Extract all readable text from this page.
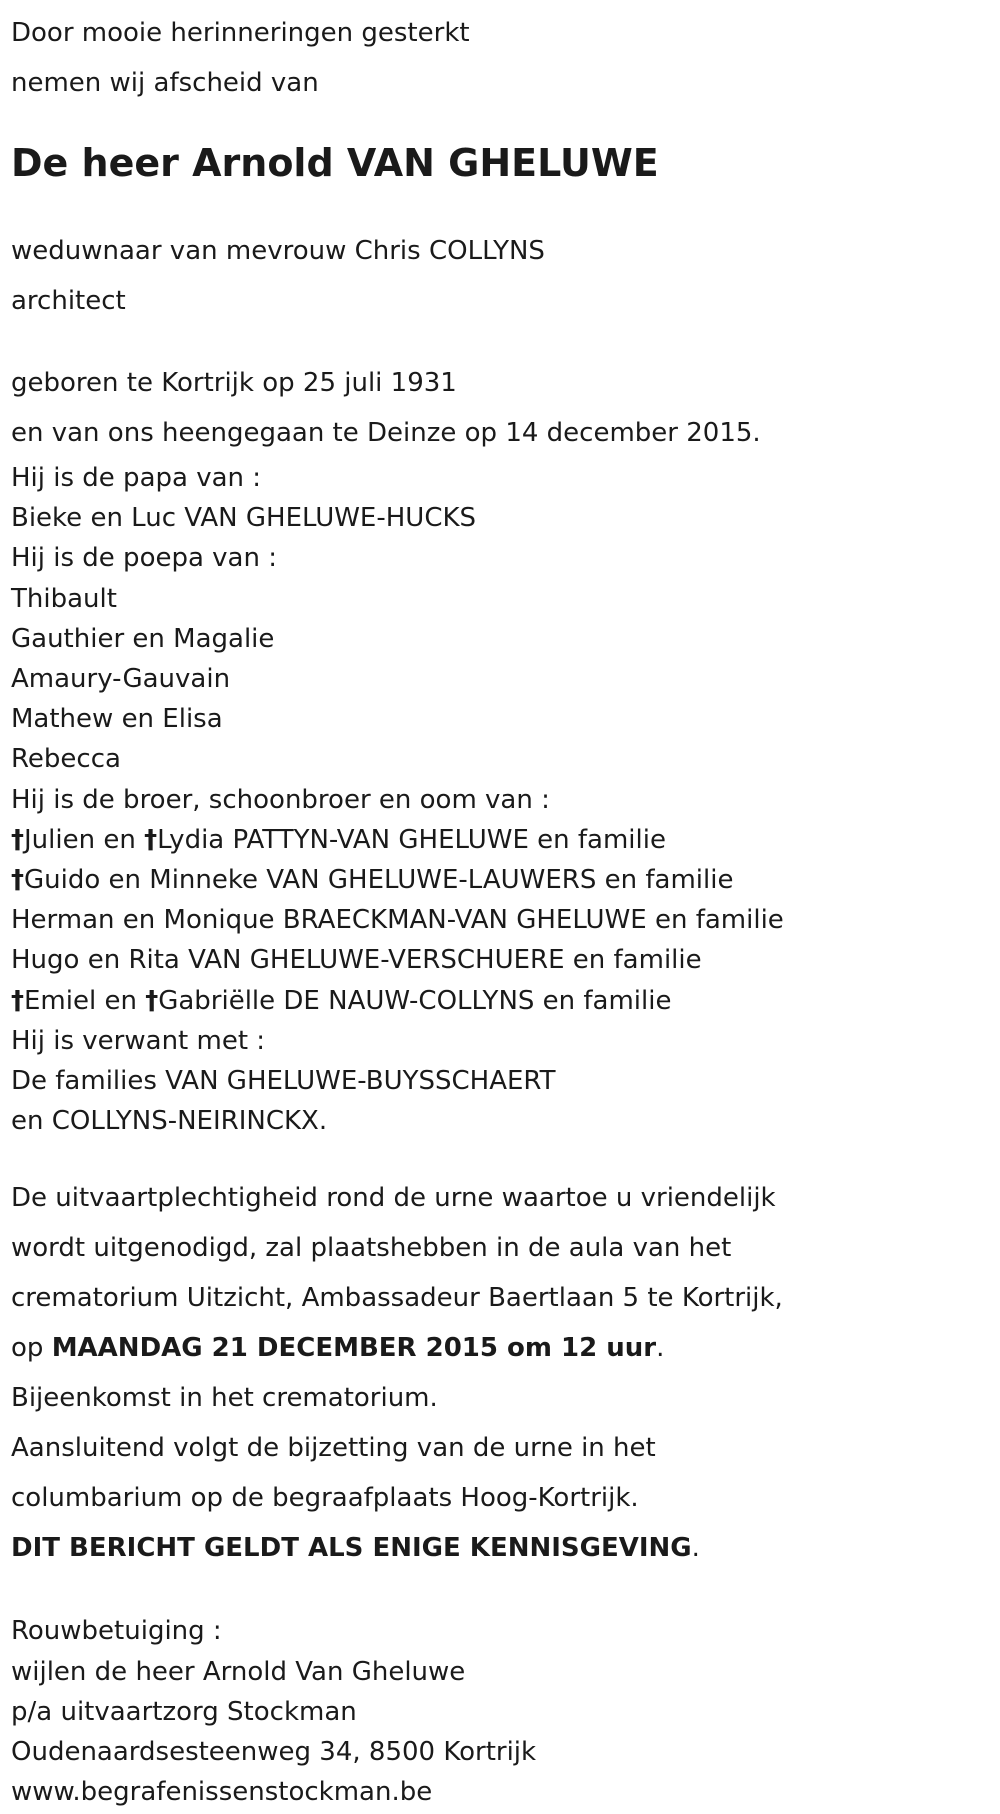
Door mooie herinneringen gesterkt
nemen wij afscheid van
De heer Arnold VAN GHELUWE
weduwnaar van mevrouw Chris COLLYNS
architect
geboren te Kortrijk op 25 juli 1931
en van ons heengegaan te Deinze op 14 december 2015.
Hij is de papa van :
Bieke en Luc VAN GHELUWE-HUCKS
Hij is de poepa van :
Thibault
Gauthier en Magalie
Amaury-Gauvain
Mathew en Elisa
Rebecca
Hij is de broer, schoonbroer en oom van :
†Julien en †Lydia PATTYN-VAN GHELUWE en familie
†Guido en Minneke VAN GHELUWE-LAUWERS en familie
Herman en Monique BRAECKMAN-VAN GHELUWE en familie
Hugo en Rita VAN GHELUWE-VERSCHUERE en familie
†Emiel en †Gabriëlle DE NAUW-COLLYNS en familie
Hij is verwant met :
De families VAN GHELUWE-BUYSSCHAERT
en COLLYNS-NEIRINCKX.
De uitvaartplechtigheid rond de urne waartoe u vriendelijk
wordt uitgenodigd, zal plaatshebben in de aula van het
crematorium Uitzicht, Ambassadeur Baertlaan 5 te Kortrijk,
op MAANDAG 21 DECEMBER 2015 om 12 uur.
Bijeenkomst in het crematorium.
Aansluitend volgt de bijzetting van de urne in het
columbarium op de begraafplaats Hoog-Kortrijk.
DIT BERICHT GELDT ALS ENIGE KENNISGEVING.
Rouwbetuiging :
wijlen de heer Arnold Van Gheluwe
p/a uitvaartzorg Stockman
Oudenaardsesteenweg 34, 8500 Kortrijk
www.begrafenissenstockman.be
